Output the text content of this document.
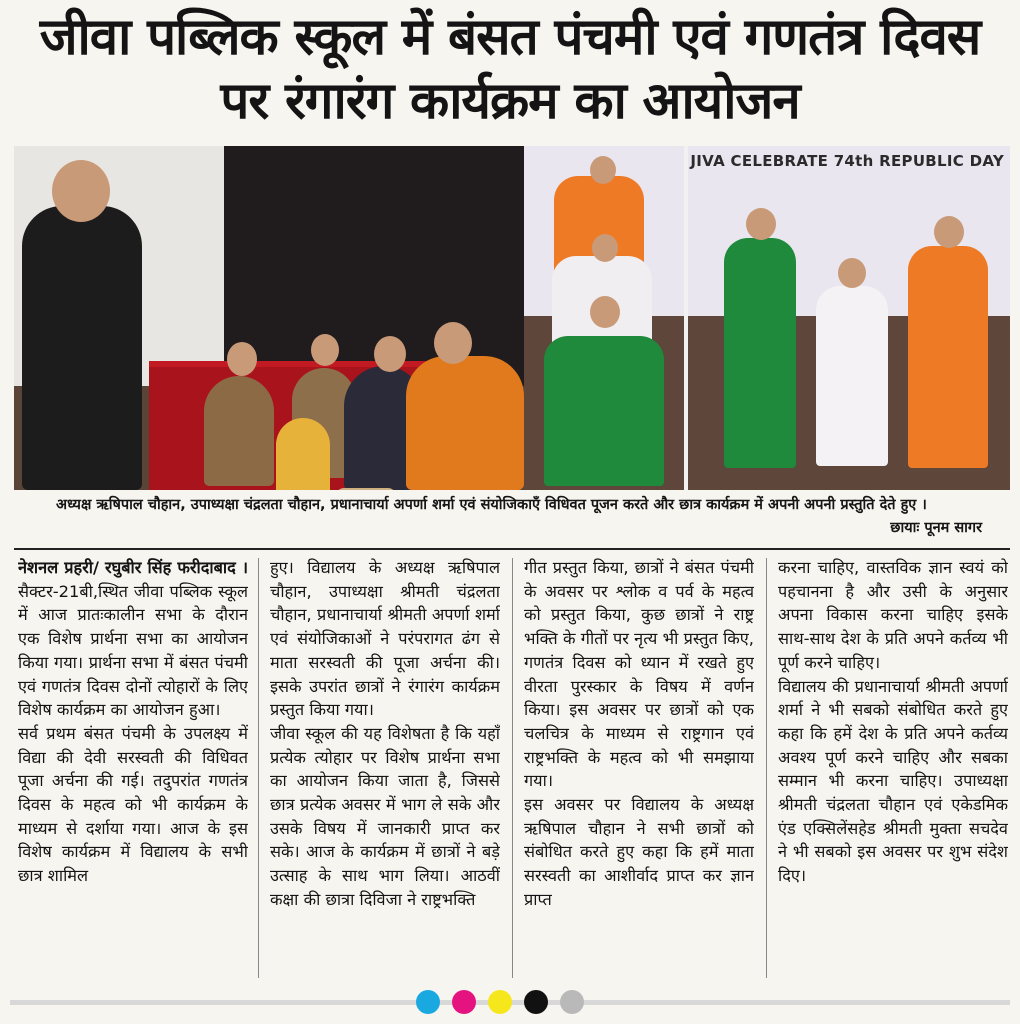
जीवा पब्लिक स्कूल में बंसत पंचमी एवं गणतंत्र दिवस
पर रंगारंग कार्यक्रम का आयोजन
JIVA CELEBRATE 74th REPUBLIC DAY
अध्यक्ष ऋषिपाल चौहान, उपाध्यक्षा चंद्रलता चौहान, प्रधानाचार्या अपर्णा शर्मा एवं संयोजिकाएँ विधिवत पूजन करते और छात्र कार्यक्रम में अपनी अपनी प्रस्तुति देते हुए ।
छायाः पूनम सागर

नेशनल प्रहरी/ रघुबीर सिंह फरीदाबाद । सैक्टर-21बी,स्थित जीवा पब्लिक स्कूल में आज प्रातःकालीन सभा के दौरान एक विशेष प्रार्थना सभा का आयोजन किया गया। प्रार्थना सभा में बंसत पंचमी एवं गणतंत्र दिवस दोनों त्योहारों के लिए विशेष कार्यक्रम का आयोजन हुआ।

सर्व प्रथम बंसत पंचमी के उपलक्ष्य में विद्या की देवी सरस्वती की विधिवत पूजा अर्चना की गई। तदुपरांत गणतंत्र दिवस के महत्व को भी कार्यक्रम के माध्यम से दर्शाया गया। आज के इस विशेष कार्यक्रम में विद्यालय के सभी छात्र शामिल

हुए। विद्यालय के अध्यक्ष ऋषिपाल चौहान, उपाध्यक्षा श्रीमती चंद्रलता चौहान, प्रधानाचार्या श्रीमती अपर्णा शर्मा एवं संयोजिकाओं ने परंपरागत ढंग से माता सरस्वती की पूजा अर्चना की। इसके उपरांत छात्रों ने रंगारंग कार्यक्रम प्रस्तुत किया गया।

जीवा स्कूल की यह विशेषता है कि यहाँ प्रत्येक त्योहार पर विशेष प्रार्थना सभा का आयोजन किया जाता है, जिससे छात्र प्रत्येक अवसर में भाग ले सके और उसके विषय में जानकारी प्राप्त कर सके। आज के कार्यक्रम में छात्रों ने बड़े उत्साह के साथ भाग लिया। आठवीं कक्षा की छात्रा दिविजा ने राष्ट्रभक्ति

गीत प्रस्तुत किया, छात्रों ने बंसत पंचमी के अवसर पर श्लोक व पर्व के महत्व को प्रस्तुत किया, कुछ छात्रों ने राष्ट्र भक्ति के गीतों पर नृत्य भी प्रस्तुत किए, गणतंत्र दिवस को ध्यान में रखते हुए वीरता पुरस्कार के विषय में वर्णन किया। इस अवसर पर छात्रों को एक चलचित्र के माध्यम से राष्ट्रगान एवं राष्ट्रभक्ति के महत्व को भी समझाया गया।

इस अवसर पर विद्यालय के अध्यक्ष ऋषिपाल चौहान ने सभी छात्रों को संबोधित करते हुए कहा कि हमें माता सरस्वती का आशीर्वाद प्राप्त कर ज्ञान प्राप्त

करना चाहिए, वास्तविक ज्ञान स्वयं को पहचानना है और उसी के अनुसार अपना विकास करना चाहिए इसके साथ-साथ देश के प्रति अपने कर्तव्य भी पूर्ण करने चाहिए।

विद्यालय की प्रधानाचार्या श्रीमती अपर्णा शर्मा ने भी सबको संबोधित करते हुए कहा कि हमें देश के प्रति अपने कर्तव्य अवश्य पूर्ण करने चाहिए और सबका सम्मान भी करना चाहिए। उपाध्यक्षा श्रीमती चंद्रलता चौहान एवं एकेडमिक एंड एक्सिलेंसहेड श्रीमती मुक्ता सचदेव ने भी सबको इस अवसर पर शुभ संदेश दिए।
